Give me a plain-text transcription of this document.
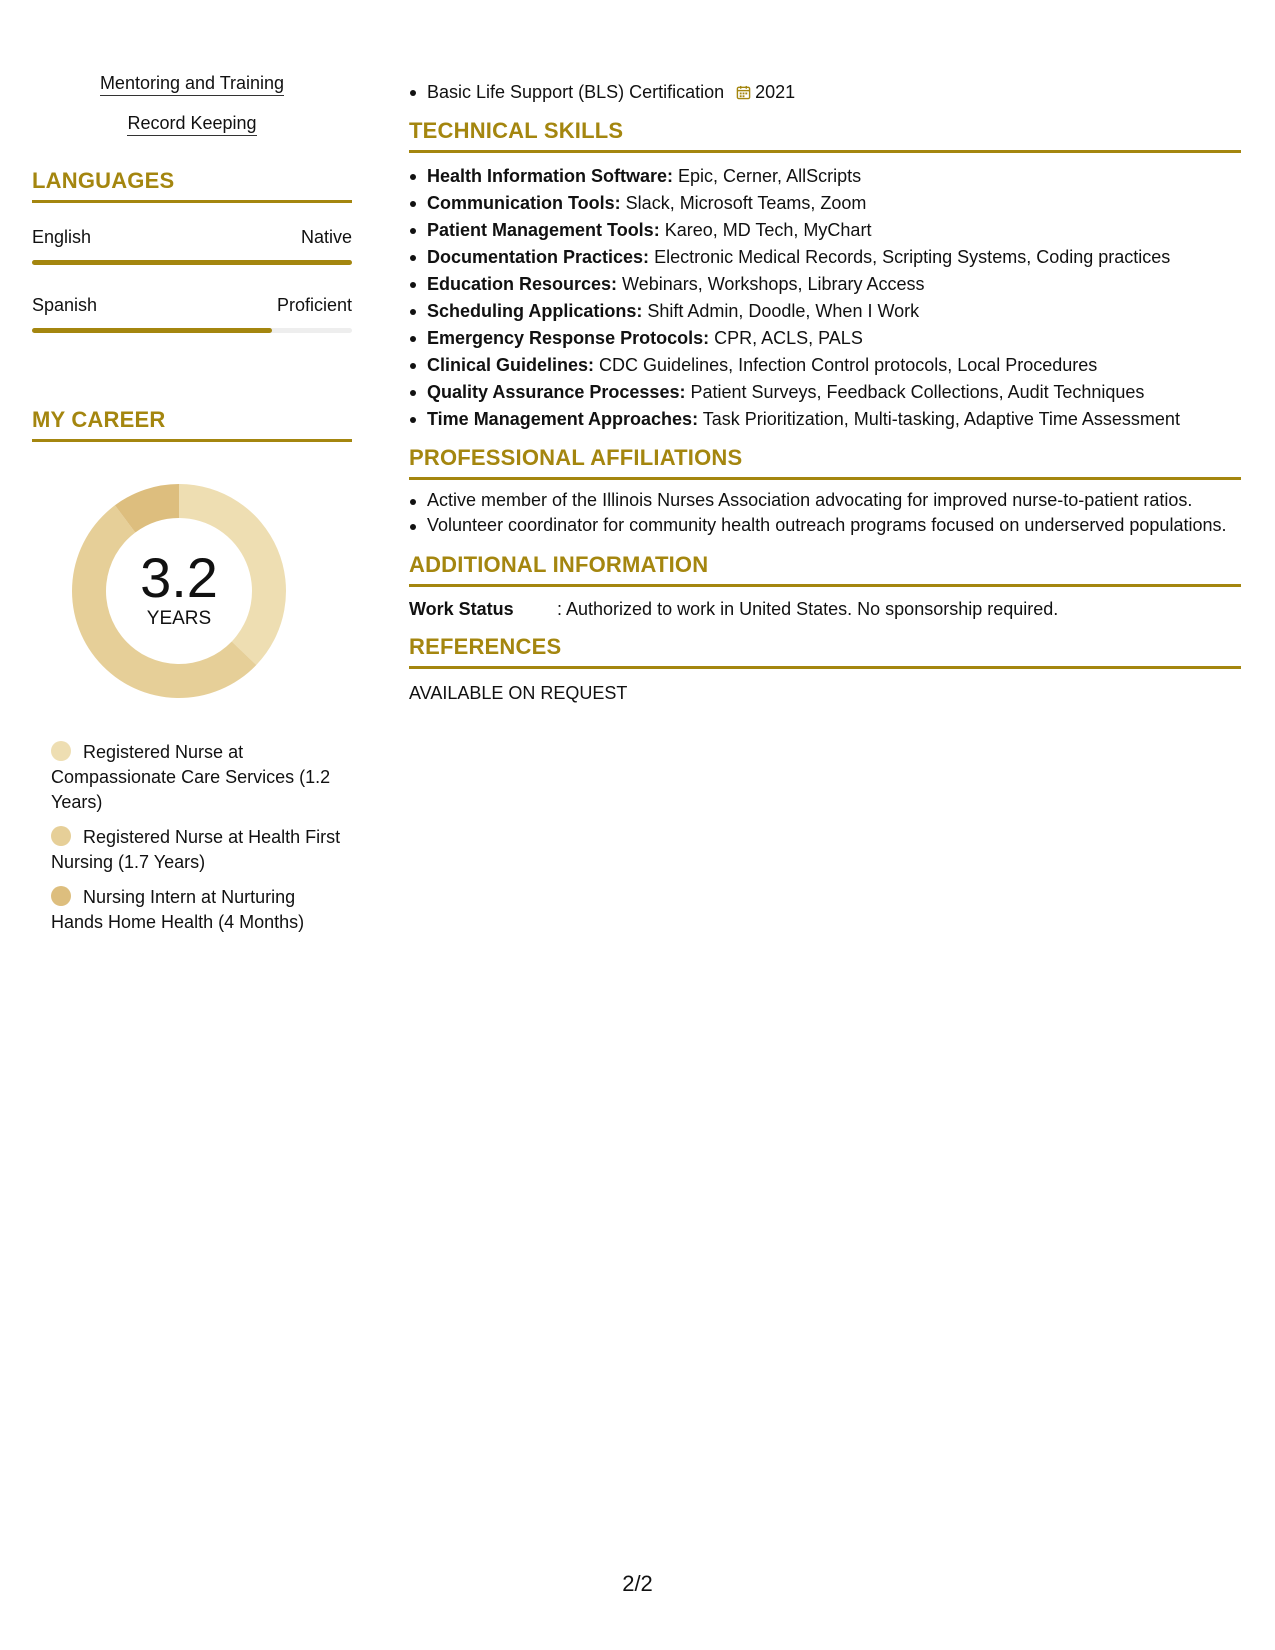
Mentoring and Training
Record Keeping
LANGUAGES
English	Native
Spanish	Proficient
MY CAREER
3.2
YEARS
Registered Nurse at Compassionate Care Services (1.2 Years)
Registered Nurse at Health First Nursing (1.7 Years)
Nursing Intern at Nurturing Hands Home Health (4 Months)
Basic Life Support (BLS) Certification 2021
TECHNICAL SKILLS
Health Information Software: Epic, Cerner, AllScripts
Communication Tools: Slack, Microsoft Teams, Zoom
Patient Management Tools: Kareo, MD Tech, MyChart
Documentation Practices: Electronic Medical Records, Scripting Systems, Coding practices
Education Resources: Webinars, Workshops, Library Access
Scheduling Applications: Shift Admin, Doodle, When I Work
Emergency Response Protocols: CPR, ACLS, PALS
Clinical Guidelines: CDC Guidelines, Infection Control protocols, Local Procedures
Quality Assurance Processes: Patient Surveys, Feedback Collections, Audit Techniques
Time Management Approaches: Task Prioritization, Multi-tasking, Adaptive Time Assessment
PROFESSIONAL AFFILIATIONS
Active member of the Illinois Nurses Association advocating for improved nurse-to-patient ratios.
Volunteer coordinator for community health outreach programs focused on underserved populations.
ADDITIONAL INFORMATION
Work Status	: Authorized to work in United States. No sponsorship required.
REFERENCES
AVAILABLE ON REQUEST
2/2
